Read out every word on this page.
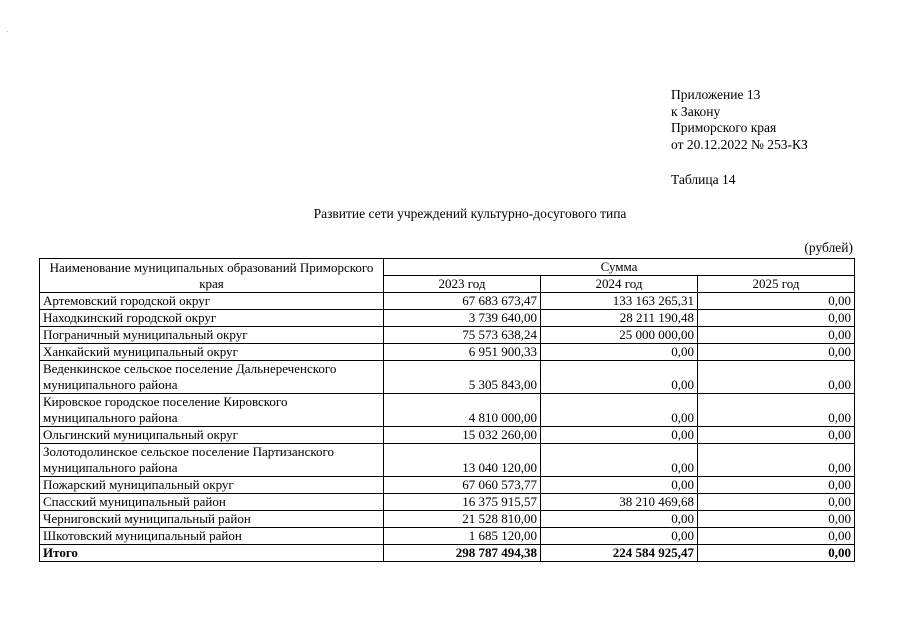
·
Приложение 13
к Закону
Приморского края
от 20.12.2022 № 253-КЗ
Таблица 14
Развитие сети учреждений культурно-досугового типа
(рублей)
Наименование муниципальных образований Приморского края	Сумма		
	2023 год	2024 год	2025 год
Артемовский городской округ	67 683 673,47	133 163 265,31	0,00
Находкинский городской округ	3 739 640,00	28 211 190,48	0,00
Пограничный муниципальный округ	75 573 638,24	25 000 000,00	0,00
Ханкайский муниципальный округ	6 951 900,33	0,00	0,00
Веденкинское сельское поселение Дальнереченского муниципального района	5 305 843,00	0,00	0,00
Кировское городское поселение Кировского муниципального района	4 810 000,00	0,00	0,00
Ольгинский муниципальный округ	15 032 260,00	0,00	0,00
Золотодолинское сельское поселение Партизанского муниципального района	13 040 120,00	0,00	0,00
Пожарский муниципальный округ	67 060 573,77	0,00	0,00
Спасский муниципальный район	16 375 915,57	38 210 469,68	0,00
Черниговский муниципальный район	21 528 810,00	0,00	0,00
Шкотовский муниципальный район	1 685 120,00	0,00	0,00
Итого	298 787 494,38	224 584 925,47	0,00
